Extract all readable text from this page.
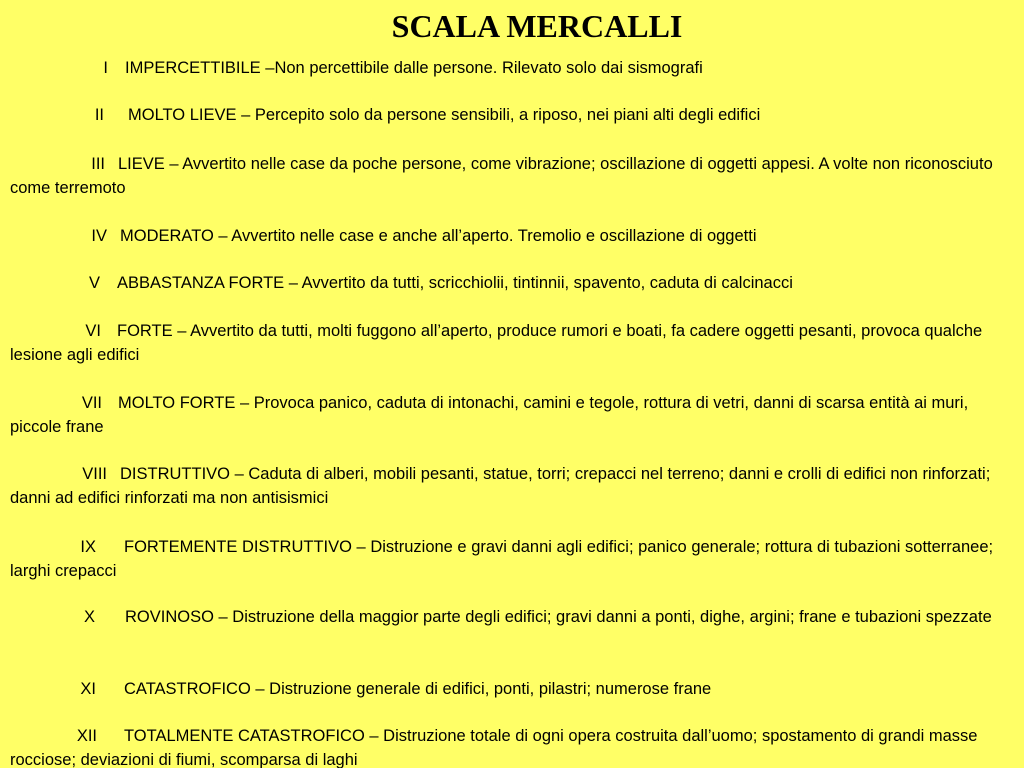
SCALA MERCALLI

I IMPERCETTIBILE –Non percettibile dalle persone. Rilevato solo dai sismografi

II MOLTO LIEVE – Percepito solo da persone sensibili, a riposo, nei piani alti degli edifici

III LIEVE – Avvertito nelle case da poche persone, come vibrazione; oscillazione di oggetti appesi. A volte non riconosciuto come terremoto

IV MODERATO – Avvertito nelle case e anche all’aperto. Tremolio e oscillazione di oggetti

V ABBASTANZA FORTE – Avvertito da tutti, scricchiolii, tintinnii, spavento, caduta di calcinacci

VI FORTE – Avvertito da tutti, molti fuggono all’aperto, produce rumori e boati, fa cadere oggetti pesanti, provoca qualche lesione agli edifici

VII MOLTO FORTE – Provoca panico, caduta di intonachi, camini e tegole, rottura di vetri, danni di scarsa entità ai muri, piccole frane

VIII DISTRUTTIVO – Caduta di alberi, mobili pesanti, statue, torri; crepacci nel terreno; danni e crolli di edifici non rinforzati; danni ad edifici rinforzati ma non antisismici

IX FORTEMENTE DISTRUTTIVO – Distruzione e gravi danni agli edifici; panico generale; rottura di tubazioni sotterranee; larghi crepacci

X ROVINOSO – Distruzione della maggior parte degli edifici; gravi danni a ponti, dighe, argini; frane e tubazioni spezzate

XI CATASTROFICO – Distruzione generale di edifici, ponti, pilastri; numerose frane

XII TOTALMENTE CATASTROFICO – Distruzione totale di ogni opera costruita dall’uomo; spostamento di grandi masse rocciose; deviazioni di fiumi, scomparsa di laghi
